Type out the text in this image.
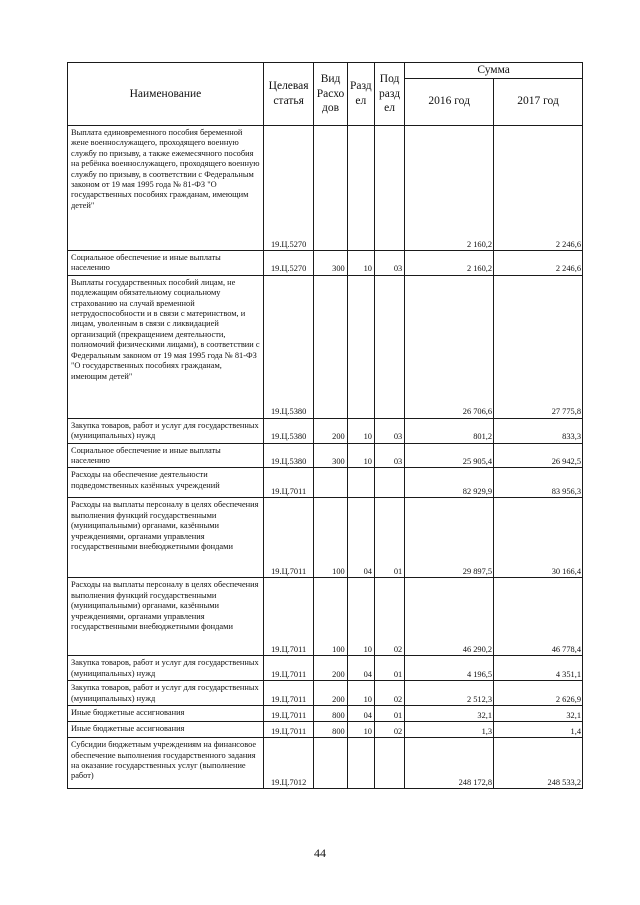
Наименование	Целевая статья	Вид Расхо дов	Разд ел	Под разд ел	Сумма	
					2016 год	2017 год
Выплата единовременного пособия беременной жене военнослужащего, проходящего военную службу по призыву, а также ежемесячного пособия на ребёнка военнослужащего, проходящего военную службу по призыву, в соответствии с Федеральным законом от 19 мая 1995 года № 81-ФЗ "О государственных пособиях гражданам, имеющим детей"	19.Ц.5270				2 160,2	2 246,6
Социальное обеспечение и иные выплаты населению	19.Ц.5270	300	10	03	2 160,2	2 246,6
Выплаты государственных пособий лицам, не подлежащим обязательному социальному страхованию на случай временной нетрудоспособности и в связи с материнством, и лицам, уволенным в связи с ликвидацией организаций (прекращением деятельности, полномочий физическими лицами), в соответствии с Федеральным законом от 19 мая 1995 года № 81-ФЗ "О государственных пособиях гражданам, имеющим детей"	19.Ц.5380				26 706,6	27 775,8
Закупка товаров, работ и услуг для государственных (муниципальных) нужд	19.Ц.5380	200	10	03	801,2	833,3
Социальное обеспечение и иные выплаты населению	19.Ц.5380	300	10	03	25 905,4	26 942,5
Расходы на обеспечение деятельности подведомственных казённых учреждений	19.Ц.7011				82 929,9	83 956,3
Расходы на выплаты персоналу в целях обеспечения выполнения функций государственными (муниципальными) органами, казёнными учреждениями, органами управления государственными внебюджетными фондами	19.Ц.7011	100	04	01	29 897,5	30 166,4
Расходы на выплаты персоналу в целях обеспечения выполнения функций государственными (муниципальными) органами, казёнными учреждениями, органами управления государственными внебюджетными фондами	19.Ц.7011	100	10	02	46 290,2	46 778,4
Закупка товаров, работ и услуг для государственных (муниципальных) нужд	19.Ц.7011	200	04	01	4 196,5	4 351,1
Закупка товаров, работ и услуг для государственных (муниципальных) нужд	19.Ц.7011	200	10	02	2 512,3	2 626,9
Иные бюджетные ассигнования	19.Ц.7011	800	04	01	32,1	32,1
Иные бюджетные ассигнования	19.Ц.7011	800	10	02	1,3	1,4
Субсидии бюджетным учреждениям на финансовое обеспечение выполнения государственного задания на оказание государственных услуг (выполнение работ)	19.Ц.7012				248 172,8	248 533,2
44
